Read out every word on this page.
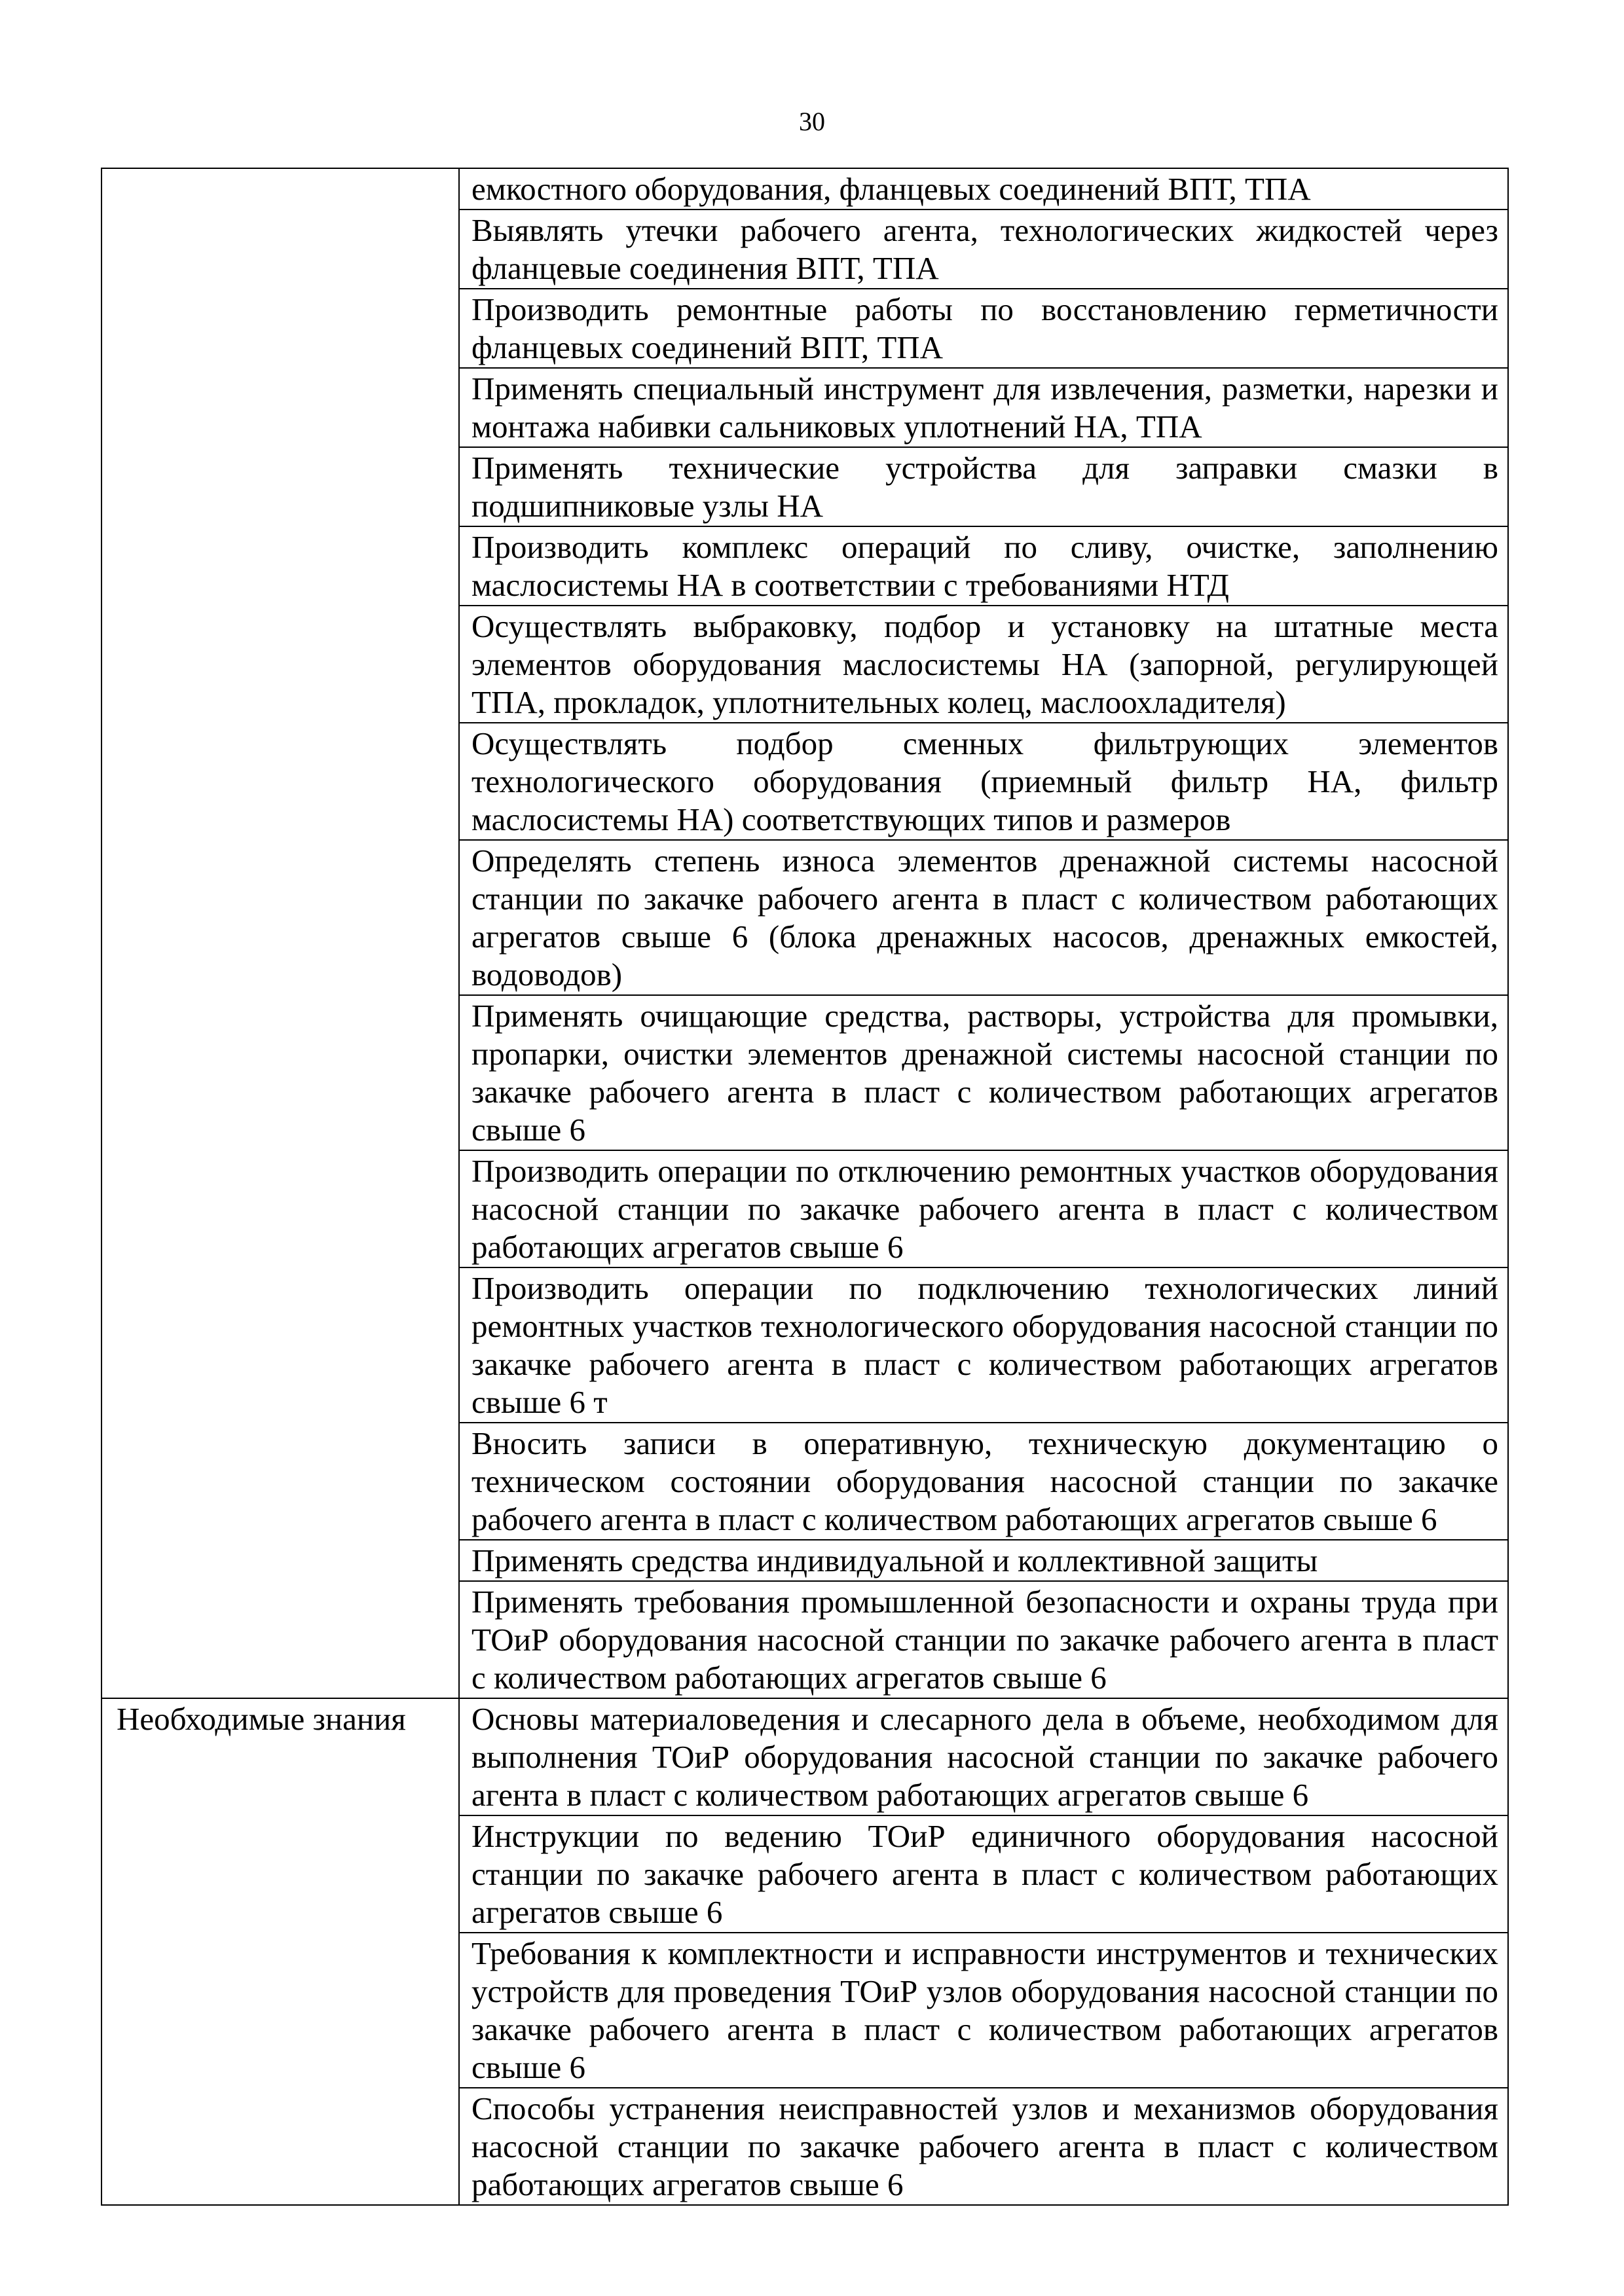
30
	емкостного оборудования, фланцевых соединений ВПТ, ТПА
	Выявлять утечки рабочего агента, технологических жидкостей через фланцевые соединения ВПТ, ТПА
	Производить ремонтные работы по восстановлению герметичности фланцевых соединений ВПТ, ТПА
	Применять специальный инструмент для извлечения, разметки, нарезки и монтажа набивки сальниковых уплотнений НА, ТПА
	Применять технические устройства для заправки смазки в подшипниковые узлы НА
	Производить комплекс операций по сливу, очистке, заполнению маслосистемы НА в соответствии с требованиями НТД
	Осуществлять выбраковку, подбор и установку на штатные места элементов оборудования маслосистемы НА (запорной, регулирующей ТПА, прокладок, уплотнительных колец, маслоохладителя)
	Осуществлять подбор сменных фильтрующих элементов технологического оборудования (приемный фильтр НА, фильтр маслосистемы НА) соответствующих типов и размеров
	Определять степень износа элементов дренажной системы насосной станции по закачке рабочего агента в пласт с количеством работающих агрегатов свыше 6 (блока дренажных насосов, дренажных емкостей, водоводов)
	Применять очищающие средства, растворы, устройства для промывки, пропарки, очистки элементов дренажной системы насосной станции по закачке рабочего агента в пласт с количеством работающих агрегатов свыше 6
	Производить операции по отключению ремонтных участков оборудования насосной станции по закачке рабочего агента в пласт с количеством работающих агрегатов свыше 6
	Производить операции по подключению технологических линий ремонтных участков технологического оборудования насосной станции по закачке рабочего агента в пласт с количеством работающих агрегатов свыше 6 т
	Вносить записи в оперативную, техническую документацию о техническом состоянии оборудования насосной станции по закачке рабочего агента в пласт с количеством работающих агрегатов свыше 6
	Применять средства индивидуальной и коллективной защиты
	Применять требования промышленной безопасности и охраны труда при ТОиР оборудования насосной станции по закачке рабочего агента в пласт с количеством работающих агрегатов свыше 6
Необходимые знания	Основы материаловедения и слесарного дела в объеме, необходимом для выполнения ТОиР оборудования насосной станции по закачке рабочего агента в пласт с количеством работающих агрегатов свыше 6
	Инструкции по ведению ТОиР единичного оборудования насосной станции по закачке рабочего агента в пласт с количеством работающих агрегатов свыше 6
	Требования к комплектности и исправности инструментов и технических устройств для проведения ТОиР узлов оборудования насосной станции по закачке рабочего агента в пласт с количеством работающих агрегатов свыше 6
	Способы устранения неисправностей узлов и механизмов оборудования насосной станции по закачке рабочего агента в пласт с количеством работающих агрегатов свыше 6
